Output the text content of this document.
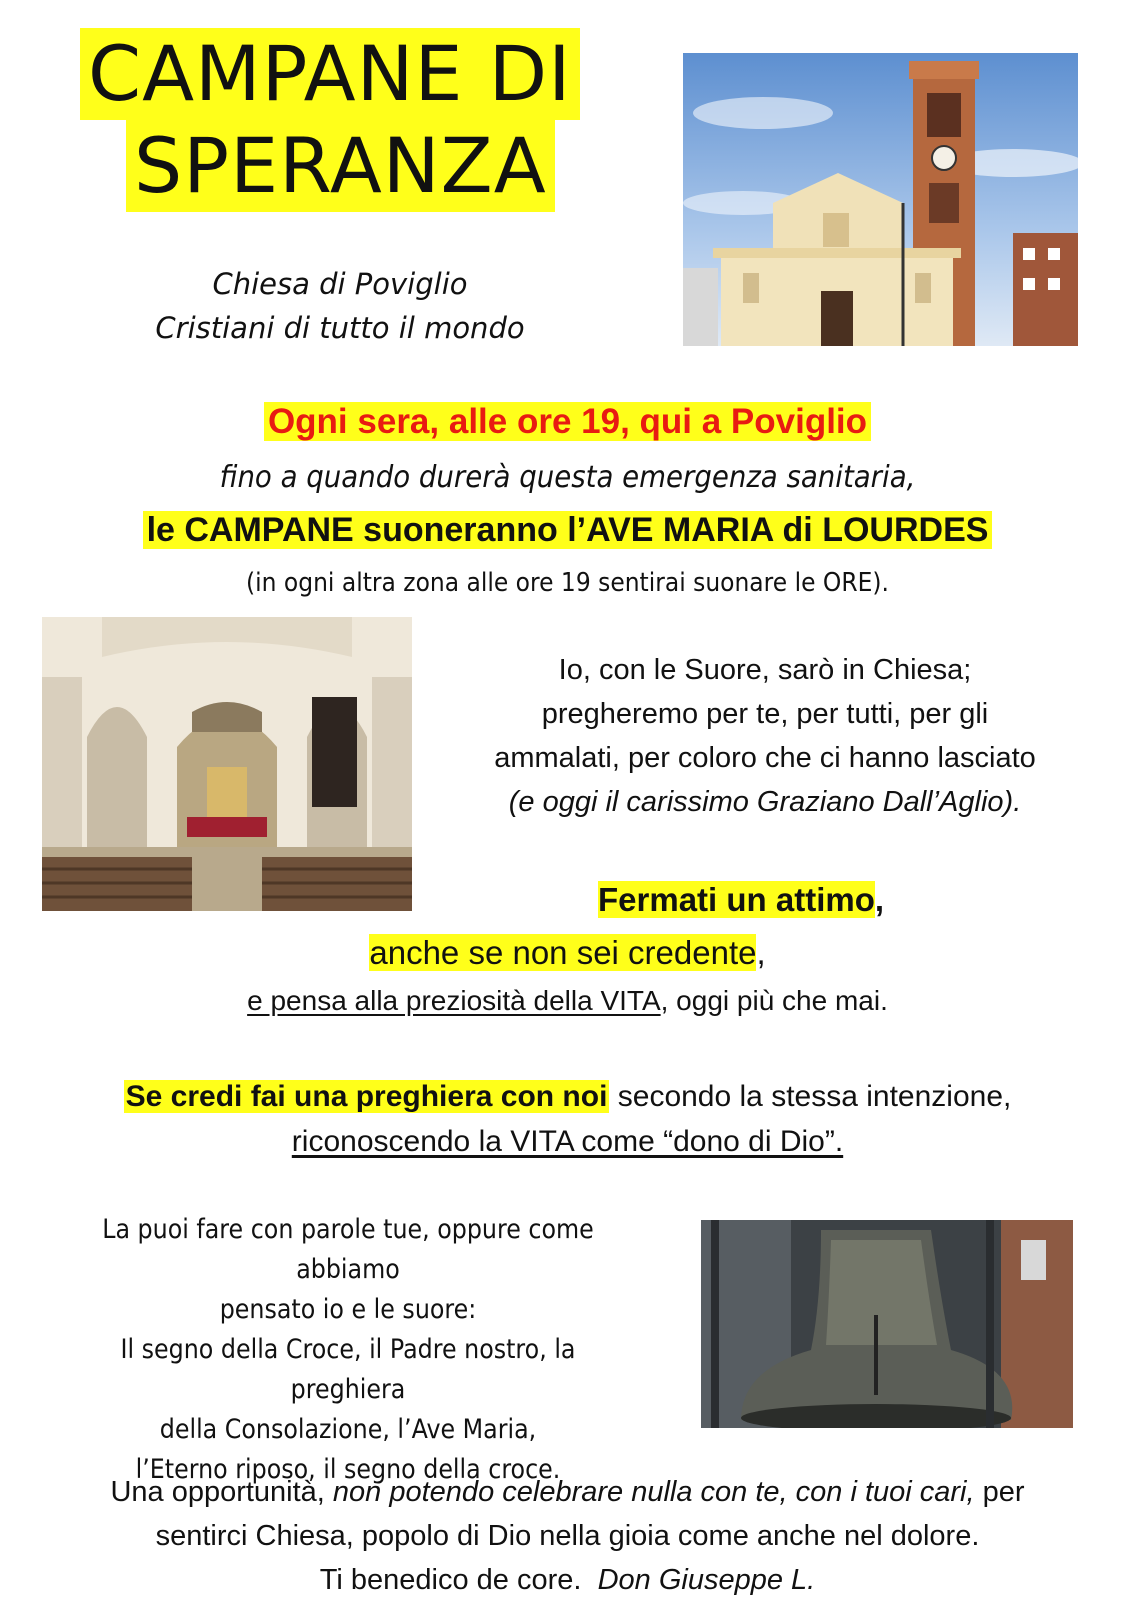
CAMPANE DI
SPERANZA
Chiesa di Poviglio
Cristiani di tutto il mondo
Ogni sera, alle ore 19, qui a Poviglio
fino a quando durerà questa emergenza sanitaria,
le CAMPANE suoneranno l’AVE MARIA di LOURDES
(in ogni altra zona alle ore 19 sentirai suonare le ORE).
Io, con le Suore, sarò in Chiesa;
pregheremo per te, per tutti, per gli
ammalati, per coloro che ci hanno lasciato
(e oggi il carissimo Graziano Dall’Aglio).
Fermati un attimo,
anche se non sei credente,
e pensa alla preziosità della VITA, oggi più che mai.
Se credi fai una preghiera con noi secondo la stessa intenzione,
riconoscendo la VITA come “dono di Dio”.
La puoi fare con parole tue, oppure come abbiamo
pensato io e le suore:
Il segno della Croce, il Padre nostro, la preghiera
della Consolazione, l’Ave Maria,
l’Eterno riposo, il segno della croce.
Una opportunità, non potendo celebrare nulla con te, con i tuoi cari, per
sentirci Chiesa, popolo di Dio nella gioia come anche nel dolore.
Ti benedico de core.  Don Giuseppe L.
